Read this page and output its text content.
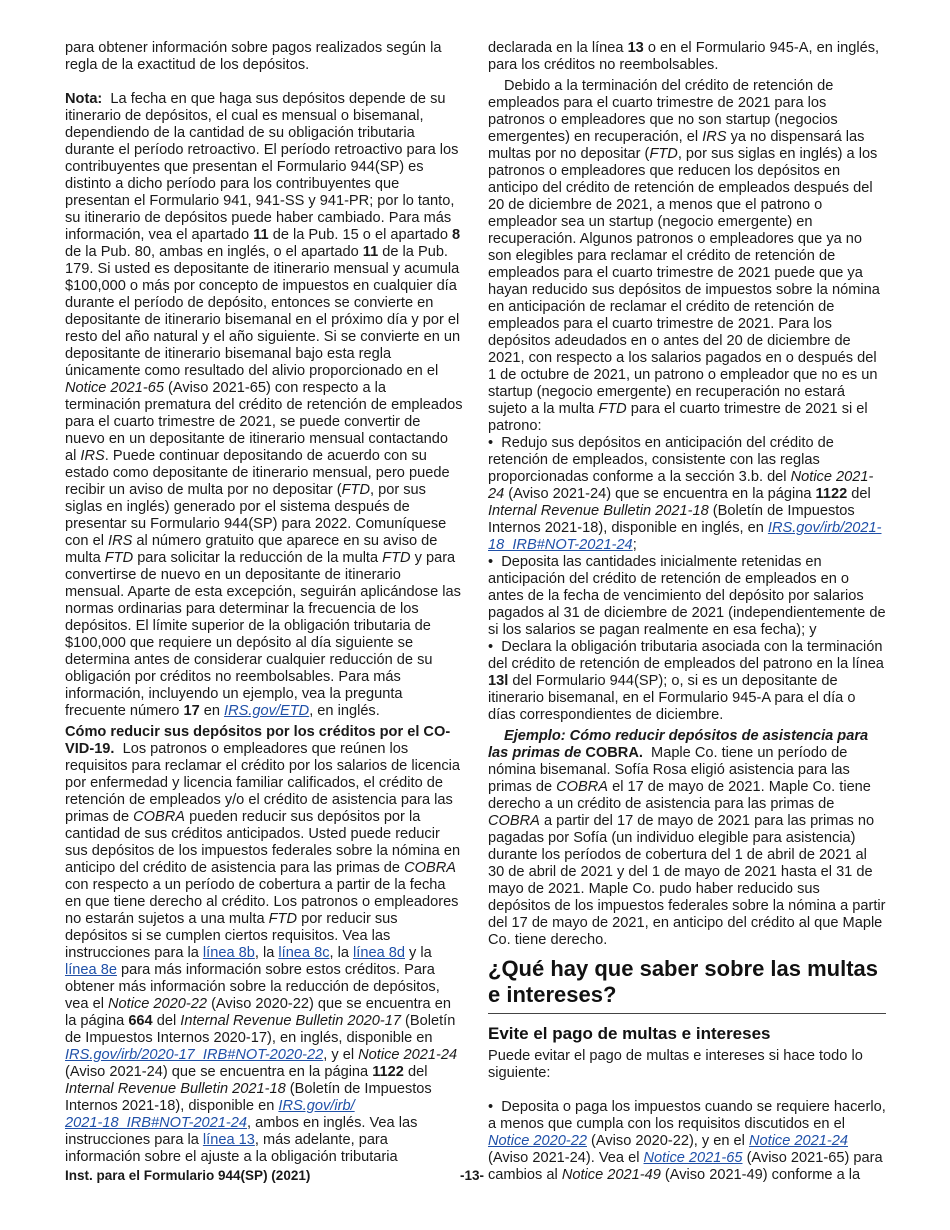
para obtener información sobre pagos realizados según la regla de la exactitud de los depósitos.

Nota: La fecha en que haga sus depósitos depende de su itinerario de depósitos, el cual es mensual o bisemanal, dependiendo de la cantidad de su obligación tributaria durante el período retroactivo. El período retroactivo para los contribuyentes que presentan el Formulario 944(SP) es distinto a dicho período para los contribuyentes que presentan el Formulario 941, 941-SS y 941-PR; por lo tanto, su itinerario de depósitos puede haber cambiado. Para más información, vea el apartado 11 de la Pub. 15 o el apartado 8 de la Pub. 80, ambas en inglés, o el apartado 11 de la Pub. 179. Si usted es depositante de itinerario mensual y acumula $100,000 o más por concepto de impuestos en cualquier día durante el período de depósito, entonces se convierte en depositante de itinerario bisemanal en el próximo día y por el resto del año natural y el año siguiente. Si se convierte en un depositante de itinerario bisemanal bajo esta regla únicamente como resultado del alivio proporcionado en el Notice 2021-65 (Aviso 2021-65) con respecto a la terminación prematura del crédito de retención de empleados para el cuarto trimestre de 2021, se puede convertir de nuevo en un depositante de itinerario mensual contactando al IRS. Puede continuar depositando de acuerdo con su estado como depositante de itinerario mensual, pero puede recibir un aviso de multa por no depositar (FTD, por sus siglas en inglés) generado por el sistema después de presentar su Formulario 944(SP) para 2022. Comuníquese con el IRS al número gratuito que aparece en su aviso de multa FTD para solicitar la reducción de la multa FTD y para convertirse de nuevo en un depositante de itinerario mensual. Aparte de esta excepción, seguirán aplicándose las normas ordinarias para determinar la frecuencia de los depósitos. El límite superior de la obligación tributaria de $100,000 que requiere un depósito al día siguiente se determina antes de considerar cualquier reducción de su obligación por créditos no reembolsables. Para más información, incluyendo un ejemplo, vea la pregunta frecuente número 17 en IRS.gov/ETD, en inglés.

Cómo reducir sus depósitos por los créditos por el CO-VID-19. Los patronos o empleadores que reúnen los requisitos para reclamar el crédito por los salarios de licencia por enfermedad y licencia familiar calificados, el crédito de retención de empleados y/o el crédito de asistencia para las primas de COBRA pueden reducir sus depósitos por la cantidad de sus créditos anticipados. Usted puede reducir sus depósitos de los impuestos federales sobre la nómina en anticipo del crédito de asistencia para las primas de COBRA con respecto a un período de cobertura a partir de la fecha en que tiene derecho al crédito. Los patronos o empleadores no estarán sujetos a una multa FTD por reducir sus depósitos si se cumplen ciertos requisitos. Vea las instrucciones para la línea 8b, la línea 8c, la línea 8d y la línea 8e para más información sobre estos créditos. Para obtener más información sobre la reducción de depósitos, vea el Notice 2020-22 (Aviso 2020-22) que se encuentra en la página 664 del Internal Revenue Bulletin 2020-17 (Boletín de Impuestos Internos 2020-17), en inglés, disponible en IRS.gov/irb/2020-17_IRB#NOT-2020-22, y el Notice 2021-24 (Aviso 2021-24) que se encuentra en la página 1122 del Internal Revenue Bulletin 2021-18 (Boletín de Impuestos Internos 2021-18), disponible en IRS.gov/irb/
2021-18_IRB#NOT-2021-24, ambos en inglés. Vea las instrucciones para la línea 13, más adelante, para información sobre el ajuste a la obligación tributaria

declarada en la línea 13 o en el Formulario 945-A, en inglés, para los créditos no reembolsables.

Debido a la terminación del crédito de retención de empleados para el cuarto trimestre de 2021 para los patronos o empleadores que no son startup (negocios emergentes) en recuperación, el IRS ya no dispensará las multas por no depositar (FTD, por sus siglas en inglés) a los patronos o empleadores que reducen los depósitos en anticipo del crédito de retención de empleados después del 20 de diciembre de 2021, a menos que el patrono o empleador sea un startup (negocio emergente) en recuperación. Algunos patronos o empleadores que ya no son elegibles para reclamar el crédito de retención de empleados para el cuarto trimestre de 2021 puede que ya hayan reducido sus depósitos de impuestos sobre la nómina en anticipación de reclamar el crédito de retención de empleados para el cuarto trimestre de 2021. Para los depósitos adeudados en o antes del 20 de diciembre de 2021, con respecto a los salarios pagados en o después del 1 de octubre de 2021, un patrono o empleador que no es un startup (negocio emergente) en recuperación no estará sujeto a la multa FTD para el cuarto trimestre de 2021 si el patrono:

• Redujo sus depósitos en anticipación del crédito de retención de empleados, consistente con las reglas proporcionadas conforme a la sección 3.b. del Notice 2021-24 (Aviso 2021-24) que se encuentra en la página 1122 del Internal Revenue Bulletin 2021-18 (Boletín de Impuestos Internos 2021-18), disponible en inglés, en IRS.gov/irb/2021-18_IRB#NOT-2021-24;

• Deposita las cantidades inicialmente retenidas en anticipación del crédito de retención de empleados en o antes de la fecha de vencimiento del depósito por salarios pagados al 31 de diciembre de 2021 (independientemente de si los salarios se pagan realmente en esa fecha); y

• Declara la obligación tributaria asociada con la terminación del crédito de retención de empleados del patrono en la línea 13l del Formulario 944(SP); o, si es un depositante de itinerario bisemanal, en el Formulario 945-A para el día o días correspondientes de diciembre.

Ejemplo: Cómo reducir depósitos de asistencia para las primas de COBRA. Maple Co. tiene un período de nómina bisemanal. Sofía Rosa eligió asistencia para las primas de COBRA el 17 de mayo de 2021. Maple Co. tiene derecho a un crédito de asistencia para las primas de COBRA a partir del 17 de mayo de 2021 para las primas no pagadas por Sofía (un individuo elegible para asistencia) durante los períodos de cobertura del 1 de abril de 2021 al 30 de abril de 2021 y del 1 de mayo de 2021 hasta el 31 de mayo de 2021. Maple Co. pudo haber reducido sus depósitos de los impuestos federales sobre la nómina a partir del 17 de mayo de 2021, en anticipo del crédito al que Maple Co. tiene derecho.

¿Qué hay que saber sobre las multas e intereses?
Evite el pago de multas e intereses

Puede evitar el pago de multas e intereses si hace todo lo siguiente:

• Deposita o paga los impuestos cuando se requiere hacerlo, a menos que cumpla con los requisitos discutidos en el Notice 2020-22 (Aviso 2020-22), y en el Notice 2021-24 (Aviso 2021-24). Vea el Notice 2021-65 (Aviso 2021-65) para cambios al Notice 2021-49 (Aviso 2021-49) conforme a la

Inst. para el Formulario 944(SP) (2021)	-13-
